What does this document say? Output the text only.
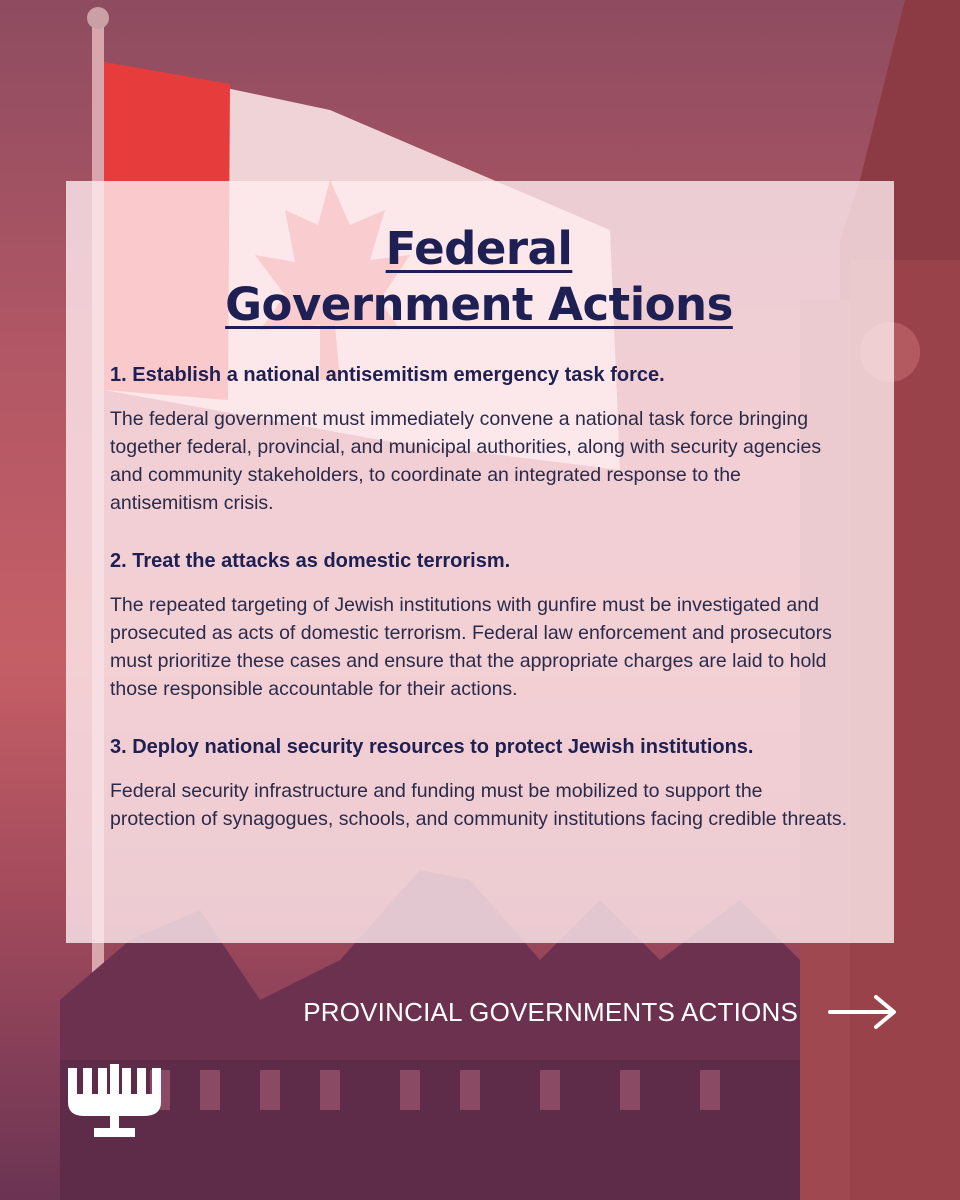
Federal
Government Actions
1. Establish a national antisemitism emergency task force.

The federal government must immediately convene a national task force bringing together federal, provincial, and municipal authorities, along with security agencies and community stakeholders, to coordinate an integrated response to the antisemitism crisis.

2. Treat the attacks as domestic terrorism.

The repeated targeting of Jewish institutions with gunfire must be investigated and prosecuted as acts of domestic terrorism. Federal law enforcement and prosecutors must prioritize these cases and ensure that the appropriate charges are laid to hold those responsible accountable for their actions.

3. Deploy national security resources to protect Jewish institutions.

Federal security infrastructure and funding must be mobilized to support the protection of synagogues, schools, and community institutions facing credible threats.

PROVINCIAL GOVERNMENTS ACTIONS
